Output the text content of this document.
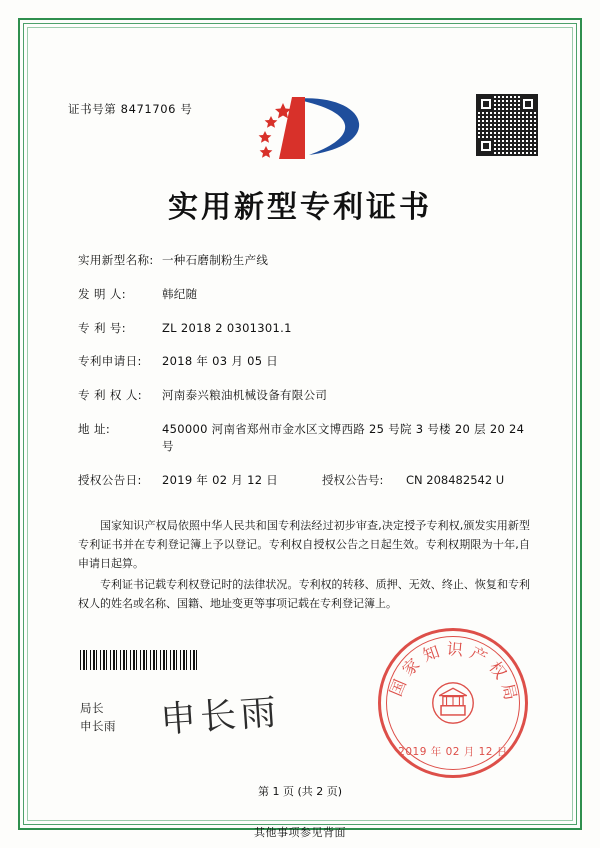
证书号第 8471706 号
实用新型专利证书
实用新型名称: 一种石磨制粉生产线
发 明 人:	韩纪随
专 利 号:	ZL 2018 2 0301301.1
专利申请日:	2018 年 03 月 05 日
专 利 权 人:	河南泰兴粮油机械设备有限公司
地 址:	450000 河南省郑州市金水区文博西路 25 号院 3 号楼 20 层 20 24 号
授权公告日:	2019 年 02 月 12 日	授权公告号:	CN 208482542 U

国家知识产权局依照中华人民共和国专利法经过初步审查,决定授予专利权,颁发实用新型专利证书并在专利登记簿上予以登记。专利权自授权公告之日起生效。专利权期限为十年,自申请日起算。

专利证书记载专利权登记时的法律状况。专利权的转移、质押、无效、终止、恢复和专利权人的姓名或名称、国籍、地址变更等事项记载在专利登记簿上。

局长
申长雨 申长雨
国家知识产权局
2019 年 02 月 12 日
第 1 页 (共 2 页)
其他事项参见背面
